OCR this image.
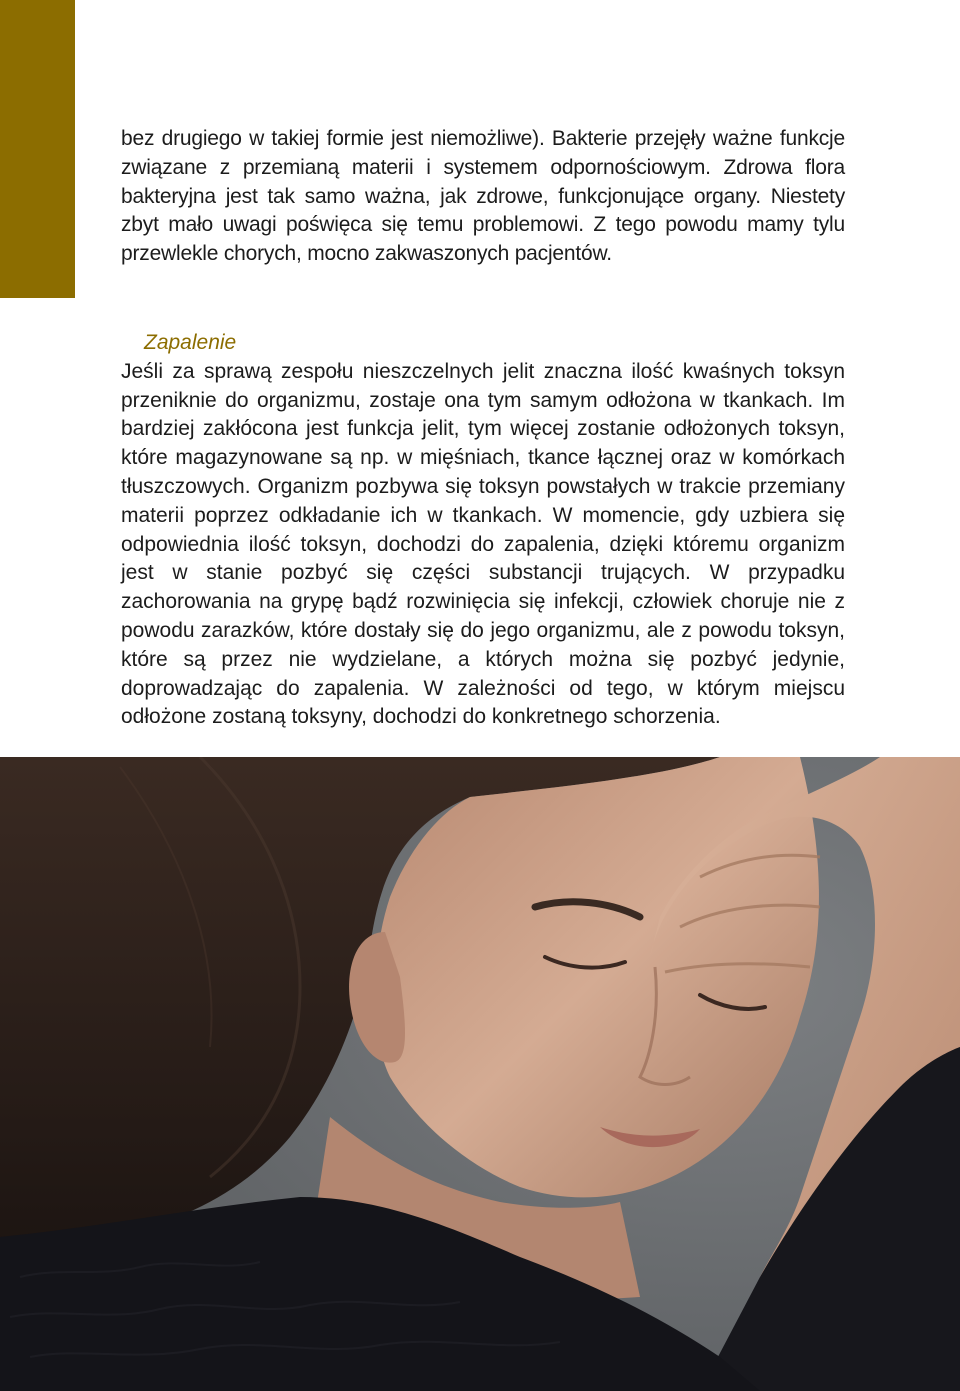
bez drugiego w takiej formie jest niemożliwe). Bakterie przejęły ważne funkcje związane z przemianą materii i systemem odpornościowym. Zdrowa flora bakteryjna jest tak samo ważna, jak zdrowe, funkcjonujące organy. Niestety zbyt mało uwagi poświęca się temu problemowi. Z tego powodu mamy tylu przewlekle chorych, mocno zakwaszonych pacjentów.

Zapalenie
Jeśli za sprawą zespołu nieszczelnych jelit znaczna ilość kwaśnych toksyn przeniknie do organizmu, zostaje ona tym samym odłożona w tkankach. Im bardziej zakłócona jest funkcja jelit, tym więcej zostanie odłożonych toksyn, które magazynowane są np. w mięśniach, tkance łącznej oraz w komórkach tłuszczowych. Organizm pozbywa się toksyn powstałych w trakcie przemiany materii poprzez odkładanie ich w tkankach. W momencie, gdy uzbiera się odpowiednia ilość toksyn, dochodzi do zapalenia, dzięki któremu organizm jest w stanie pozbyć się części substancji trujących. W przypadku zachorowania na grypę bądź rozwinięcia się infekcji, człowiek choruje nie z powodu zarazków, które dostały się do jego organizmu, ale z powodu toksyn, które są przez nie wydzielane, a których można się pozbyć jedynie, doprowadzając do zapalenia. W zależności od tego, w którym miejscu odłożone zostaną toksyny, dochodzi do konkretnego schorzenia.
